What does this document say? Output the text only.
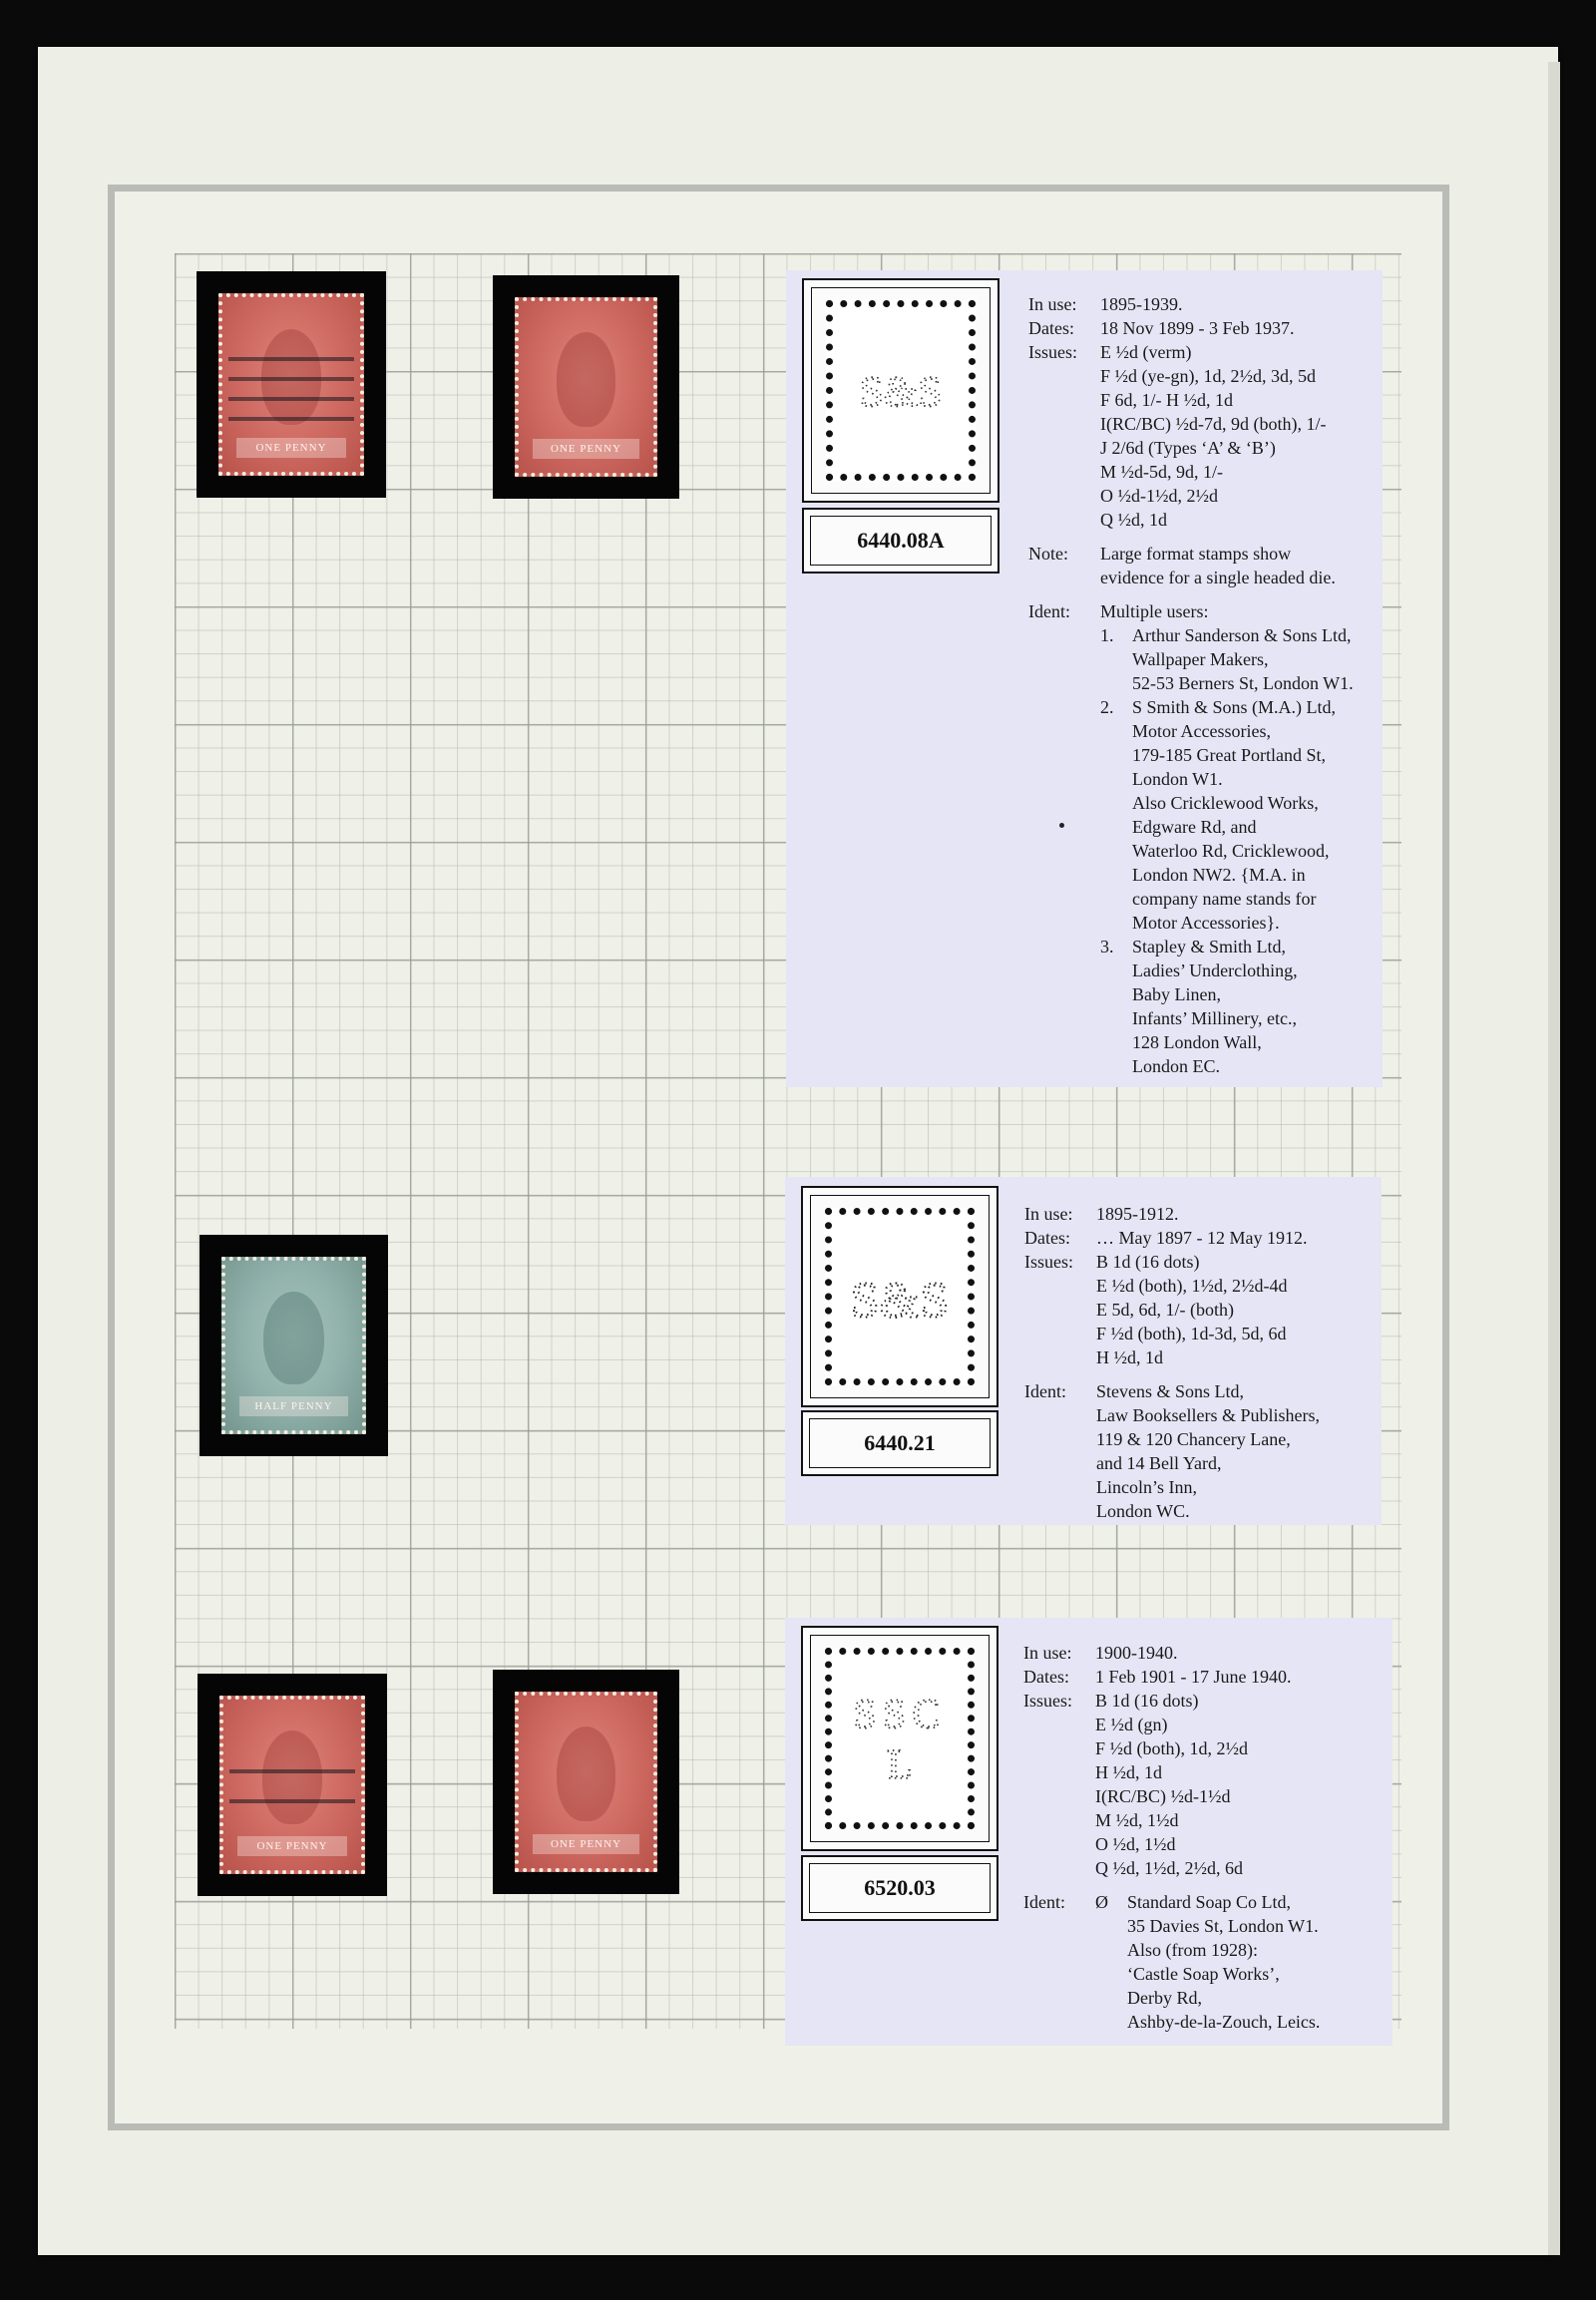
ONE PENNY	ONE PENNY
HALF PENNY
ONE PENNY	ONE PENNY
S&S
6440.08A
In use:	1895-1939.
Dates:	18 Nov 1899 - 3 Feb 1937.
Issues:	E ½d (verm)
F ½d (ye-gn), 1d, 2½d, 3d, 5d
F 6d, 1/- H ½d, 1d
I(RC/BC) ½d-7d, 9d (both), 1/-
J 2/6d (Types ‘A’ & ‘B’)
M ½d-5d, 9d, 1/-
O ½d-1½d, 2½d
Q ½d, 1d
Note:	Large format stamps show
evidence for a single headed die.
Ident:	Multiple users:
1.	Arthur Sanderson & Sons Ltd,
Wallpaper Makers,
52-53 Berners St, London W1.
2.	S Smith & Sons (M.A.) Ltd,
Motor Accessories,
179-185 Great Portland St,
London W1.
Also Cricklewood Works,
Edgware Rd, and
Waterloo Rd, Cricklewood,
London NW2. {M.A. in
company name stands for
Motor Accessories}.
3.	Stapley & Smith Ltd,
Ladies’ Underclothing,
Baby Linen,
Infants’ Millinery, etc.,
128 London Wall,
London EC.
S&S
6440.21
In use:	1895-1912.
Dates:	… May 1897 - 12 May 1912.
Issues:	B 1d (16 dots)
E ½d (both), 1½d, 2½d-4d
E 5d, 6d, 1/- (both)
F ½d (both), 1d-3d, 5d, 6d
H ½d, 1d
Ident:	Stevens & Sons Ltd,
Law Booksellers & Publishers,
119 & 120 Chancery Lane,
and 14 Bell Yard,
Lincoln’s Inn,
London WC.
SSC
L
6520.03
In use:	1900-1940.
Dates:	1 Feb 1901 - 17 June 1940.
Issues:	B 1d (16 dots)
E ½d (gn)
F ½d (both), 1d, 2½d
H ½d, 1d
I(RC/BC) ½d-1½d
M ½d, 1½d
O ½d, 1½d
Q ½d, 1½d, 2½d, 6d
Ident:	Ø	Standard Soap Co Ltd,
35 Davies St, London W1.
Also (from 1928):
‘Castle Soap Works’,
Derby Rd,
Ashby-de-la-Zouch, Leics.
